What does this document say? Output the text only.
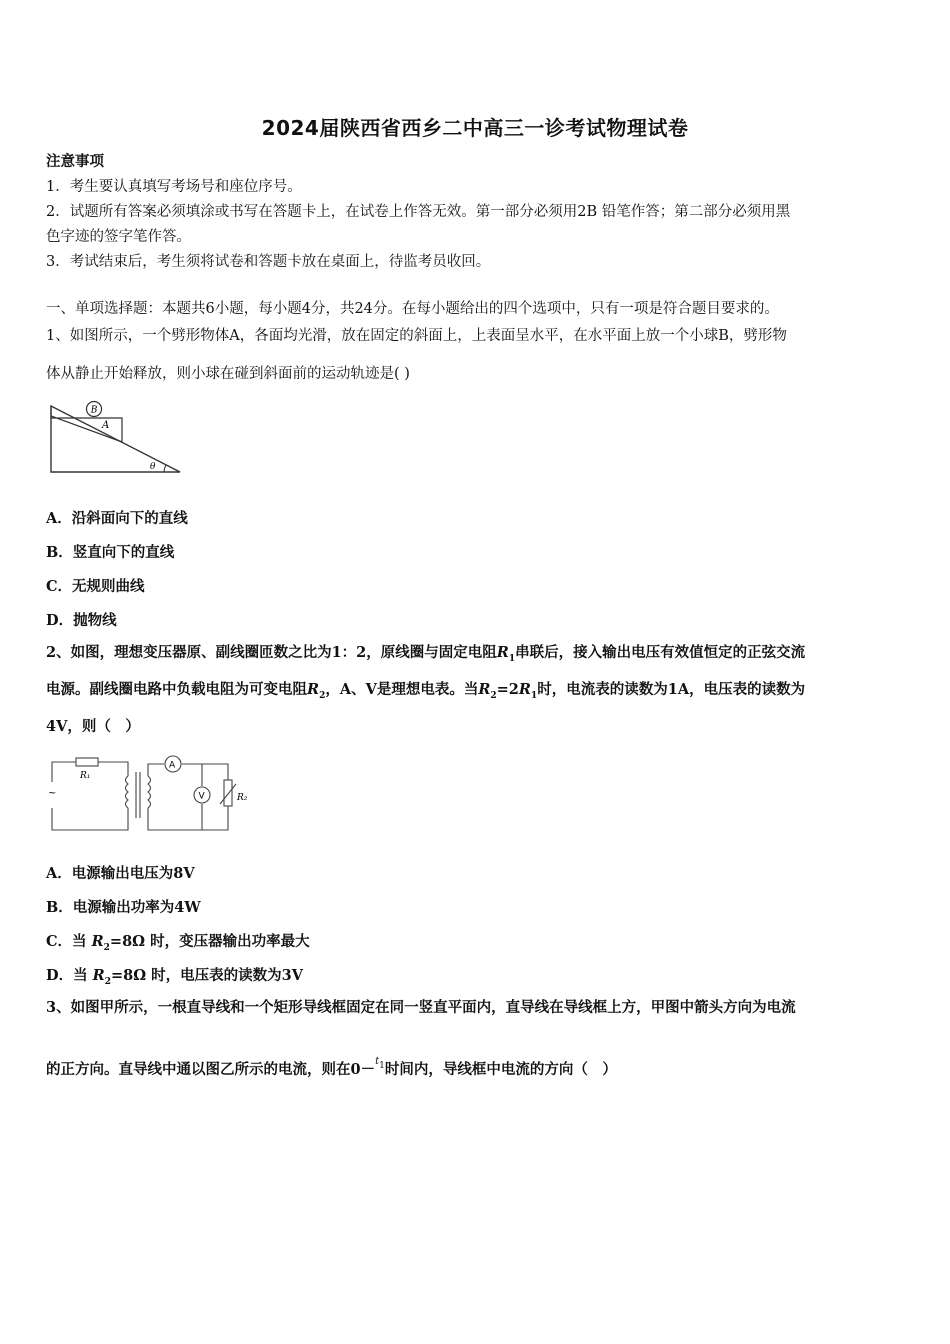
2024届陕西省西乡二中高三一诊考试物理试卷
注意事项
1．考生要认真填写考场号和座位序号。
2．试题所有答案必须填涂或书写在答题卡上，在试卷上作答无效。第一部分必须用2B 铅笔作答；第二部分必须用黑
色字迹的签字笔作答。
3．考试结束后，考生须将试卷和答题卡放在桌面上，待监考员收回。
一、单项选择题：本题共6小题，每小题4分，共24分。在每小题给出的四个选项中，只有一项是符合题目要求的。
1、如图所示，一个劈形物体A，各面均光滑，放在固定的斜面上，上表面呈水平，在水平面上放一个小球B，劈形物
体从静止开始释放，则小球在碰到斜面前的运动轨迹是( )
B
A
θ
A．沿斜面向下的直线
B．竖直向下的直线
C．无规则曲线
D．抛物线
2、如图，理想变压器原、副线圈匝数之比为1：2，原线圈与固定电阻$R_1$串联后，接入输出电压有效值恒定的正弦交流
电源。副线圈电路中负载电阻为可变电阻$R_2$，A、V是理想电表。当$R_2=2R_1$时，电流表的读数为1A，电压表的读数为
4V，则（　）
~
R₁
A
V	R₂
A．电源输出电压为8V
B．电源输出功率为4W
C．当 $R_2=8\Omega$ 时，变压器输出功率最大
D．当 $R_2=8\Omega$ 时，电压表的读数为3V
3、如图甲所示，一根直导线和一个矩形导线框固定在同一竖直平面内，直导线在导线框上方，甲图中箭头方向为电流
的正方向。直导线中通以图乙所示的电流，则在0－$^t_1$时间内，导线框中电流的方向（　）
